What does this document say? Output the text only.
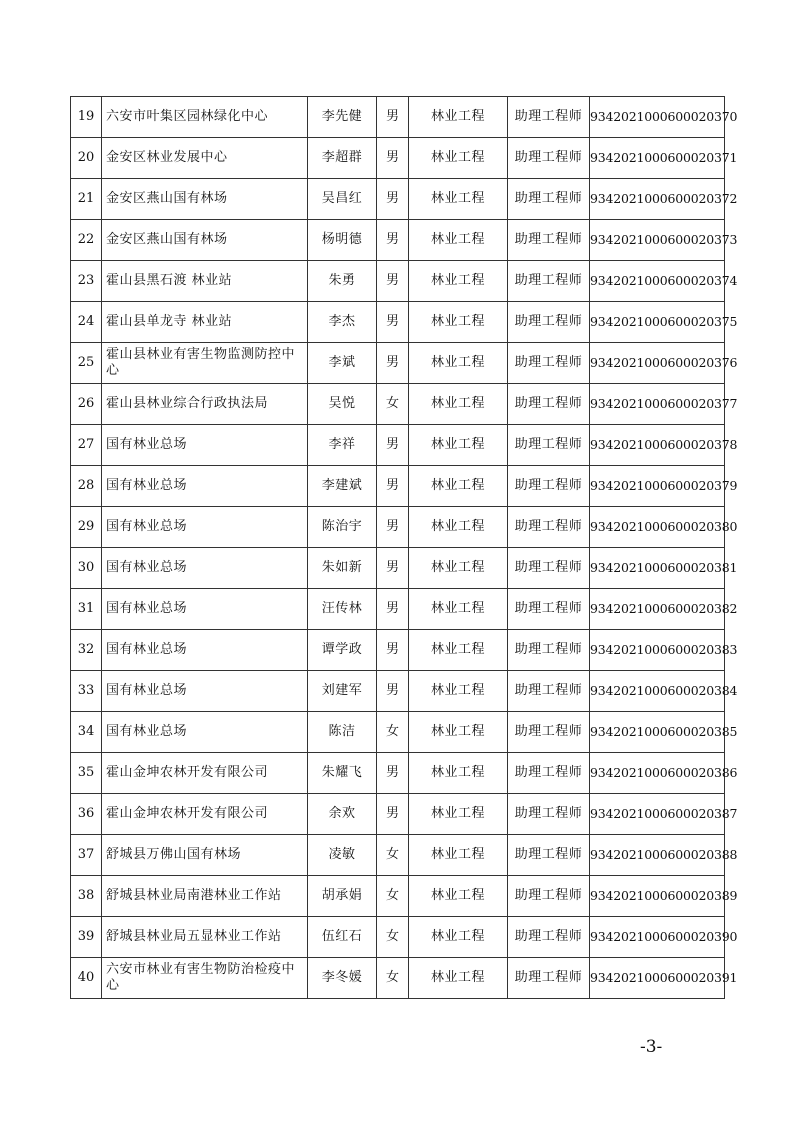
19	六安市叶集区园林绿化中心	李先健	男	林业工程	助理工程师	9342021000600020370
20	金安区林业发展中心	李超群	男	林业工程	助理工程师	9342021000600020371
21	金安区燕山国有林场	吴昌红	男	林业工程	助理工程师	9342021000600020372
22	金安区燕山国有林场	杨明德	男	林业工程	助理工程师	9342021000600020373
23	霍山县黑石渡 林业站	朱勇	男	林业工程	助理工程师	9342021000600020374
24	霍山县单龙寺 林业站	李杰	男	林业工程	助理工程师	9342021000600020375
25	霍山县林业有害生物监测防控中心	李斌	男	林业工程	助理工程师	9342021000600020376
26	霍山县林业综合行政执法局	吴悦	女	林业工程	助理工程师	9342021000600020377
27	国有林业总场	李祥	男	林业工程	助理工程师	9342021000600020378
28	国有林业总场	李建斌	男	林业工程	助理工程师	9342021000600020379
29	国有林业总场	陈治宇	男	林业工程	助理工程师	9342021000600020380
30	国有林业总场	朱如新	男	林业工程	助理工程师	9342021000600020381
31	国有林业总场	汪传林	男	林业工程	助理工程师	9342021000600020382
32	国有林业总场	谭学政	男	林业工程	助理工程师	9342021000600020383
33	国有林业总场	刘建军	男	林业工程	助理工程师	9342021000600020384
34	国有林业总场	陈洁	女	林业工程	助理工程师	9342021000600020385
35	霍山金坤农林开发有限公司	朱耀飞	男	林业工程	助理工程师	9342021000600020386
36	霍山金坤农林开发有限公司	余欢	男	林业工程	助理工程师	9342021000600020387
37	舒城县万佛山国有林场	凌敏	女	林业工程	助理工程师	9342021000600020388
38	舒城县林业局南港林业工作站	胡承娟	女	林业工程	助理工程师	9342021000600020389
39	舒城县林业局五显林业工作站	伍红石	女	林业工程	助理工程师	9342021000600020390
40	六安市林业有害生物防治检疫中心	李冬媛	女	林业工程	助理工程师	9342021000600020391
-3-
